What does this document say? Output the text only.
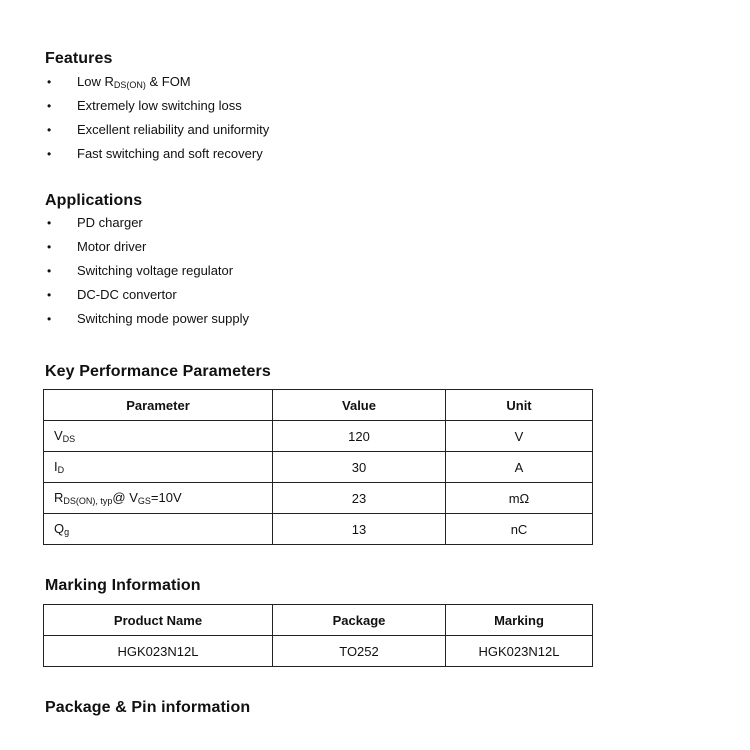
Features
• Low $R_{DS(ON)}$ & FOM
• Extremely low switching loss
• Excellent reliability and uniformity
• Fast switching and soft recovery
Applications
• PD charger
• Motor driver
• Switching voltage regulator
• DC-DC convertor
• Switching mode power supply
Key Performance Parameters
Parameter	Value	Unit
$V_{DS}$	120	V
$I_D$	30	A
$R_{DS(ON), typ}@$ $V_{GS}=10V$	23	mΩ
$Q_g$	13	nC
Marking Information
Product Name	Package	Marking
HGK023N12L	TO252	HGK023N12L
Package & Pin information
